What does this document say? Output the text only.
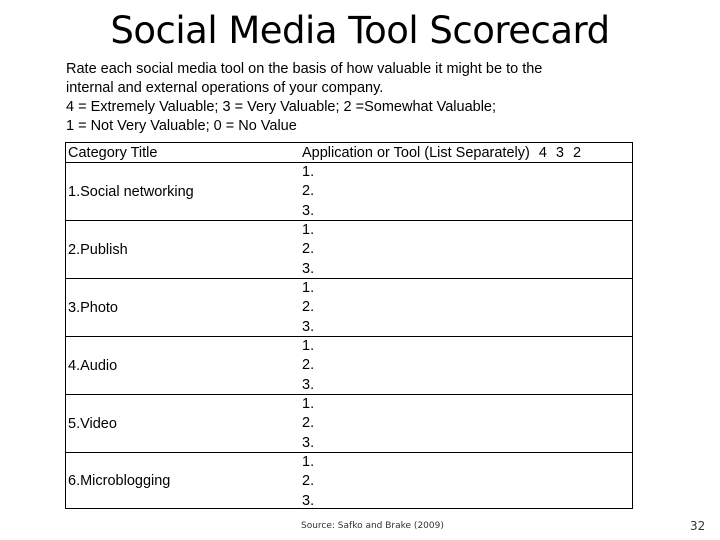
Social Media Tool Scorecard
Rate each social media tool on the basis of how valuable it might be to the
internal and external operations of your company.
4 = Extremely Valuable; 3 = Very Valuable; 2 =Somewhat Valuable;
1 = Not Very Valuable; 0 = No Value
Category Title	Application or Tool (List Separately) 4 3 2
1.Social networking
1.
2.
3.
2.Publish
1.
2.
3.
3.Photo
1.
2.
3.
4.Audio
1.
2.
3.
5.Video
1.
2.
3.
6.Microblogging
1.
2.
3.
Source: Safko and Brake (2009)	32
